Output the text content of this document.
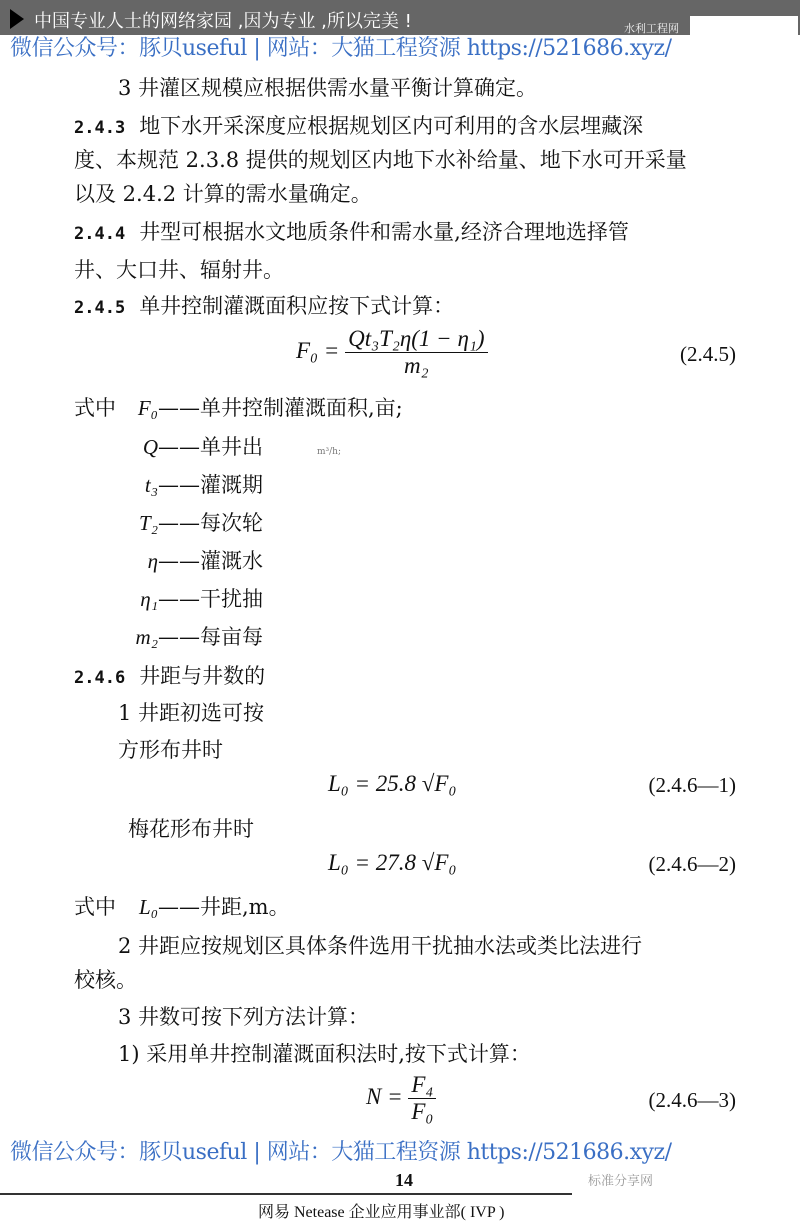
中国专业人士的网络家园 ,因为专业 ,所以完美 !	水利工程网
微信公众号：豚贝useful | 网站：大猫工程资源 https://521686.xyz/
3 井灌区规模应根据供需水量平衡计算确定。
2.4.3 地下水开采深度应根据规划区内可利用的含水层埋藏深
度、本规范 2.3.8 提供的规划区内地下水补给量、地下水可开采量
以及 2.4.2 计算的需水量确定。
2.4.4 井型可根据水文地质条件和需水量,经济合理地选择管
井、大口井、辐射井。
2.4.5 单井控制灌溉面积应按下式计算：
$F_0 = \frac{\text{Qt₃T₂η(1 − η₁)}}{\text{m₂}}$	(2.4.5)
式中	F₀——单井控制灌溉面积,亩;
Q——单井出	m³/h;
t₃——灌溉期
T₂——每次轮
η——灌溉水
η₁——干扰抽
m₂——每亩每
2.4.6 井距与井数的
1 井距初选可按
方形布井时
L₀ = 25.8 √F₀	(2.4.6—1)
梅花形布井时
L₀ = 27.8 √F₀	(2.4.6—2)
式中	L₀——井距,m。
2 井距应按规划区具体条件选用干扰抽水法或类比法进行
校核。
3 井数可按下列方法计算：
1) 采用单井控制灌溉面积法时,按下式计算：
$N = \frac{\text{F₄}}{\text{F₀}}$	(2.4.6—3)
微信公众号：豚贝useful | 网站：大猫工程资源 https://521686.xyz/
14	标准分享网
网易 Netease 企业应用事业部( IVP )
